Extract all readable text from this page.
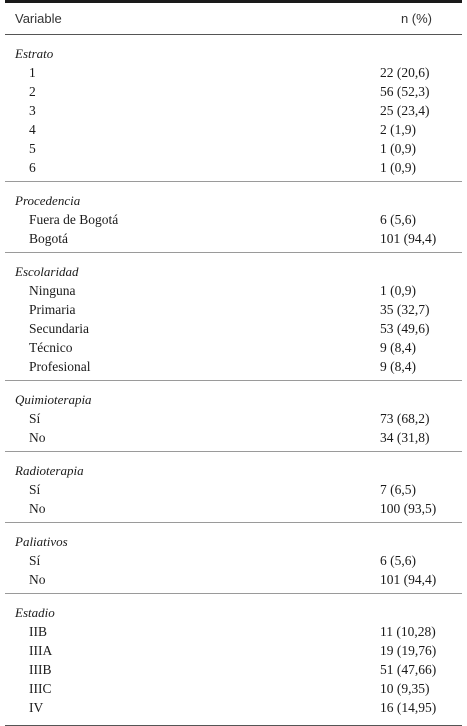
Variable	n (%)
Estrato
1	22 (20,6)
2	56 (52,3)
3	25 (23,4)
4	2 (1,9)
5	1 (0,9)
6	1 (0,9)
Procedencia
Fuera de Bogotá	6 (5,6)
Bogotá	101 (94,4)
Escolaridad
Ninguna	1 (0,9)
Primaria	35 (32,7)
Secundaria	53 (49,6)
Técnico	9 (8,4)
Profesional	9 (8,4)
Quimioterapia
Sí	73 (68,2)
No	34 (31,8)
Radioterapia
Sí	7 (6,5)
No	100 (93,5)
Paliativos
Sí	6 (5,6)
No	101 (94,4)
Estadio
IIB	11 (10,28)
IIIA	19 (19,76)
IIIB	51 (47,66)
IIIC	10 (9,35)
IV	16 (14,95)
